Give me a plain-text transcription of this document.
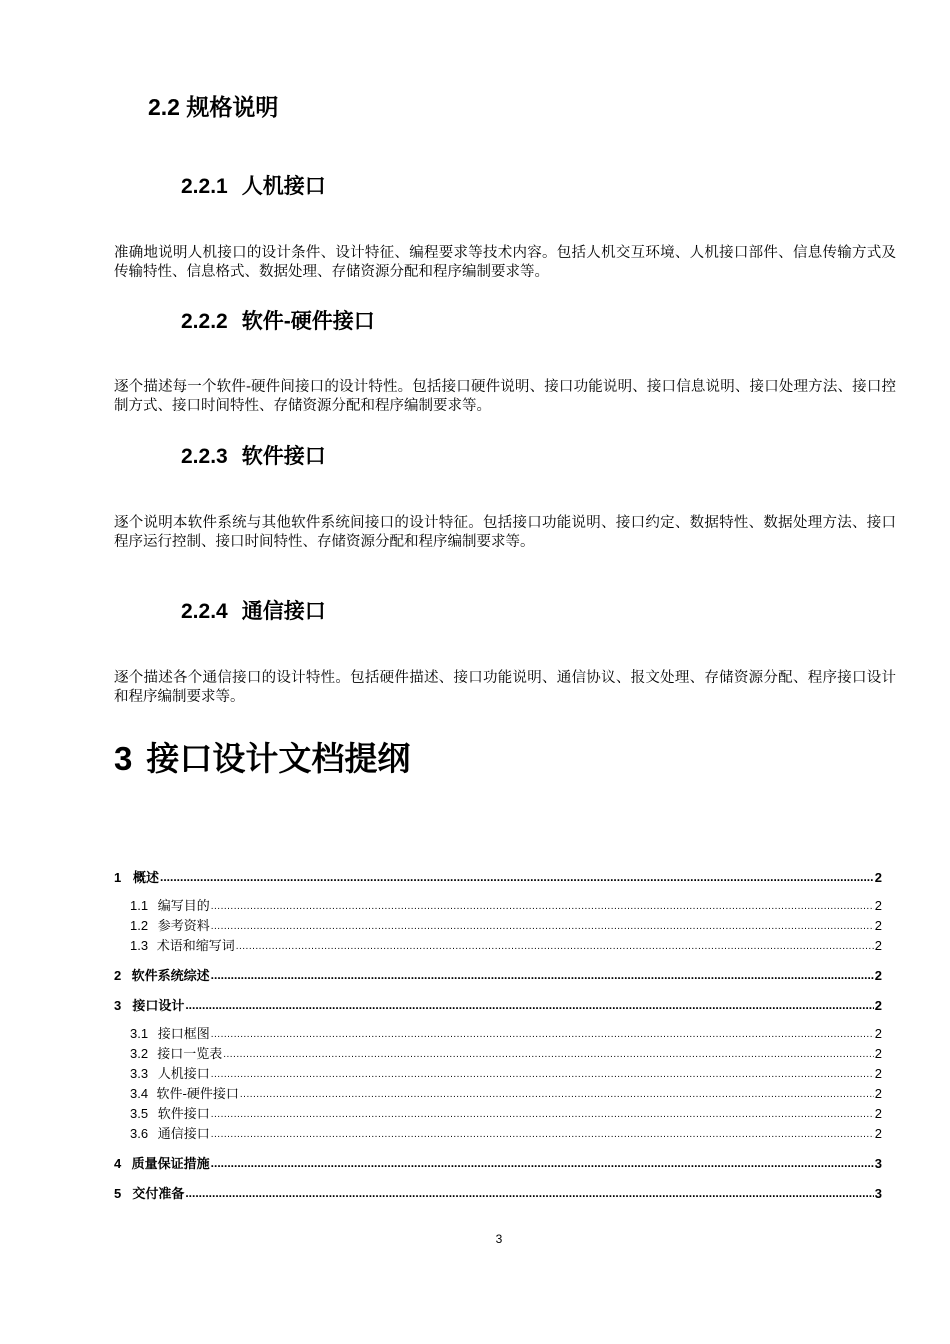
2.2 规格说明
2.2.1 人机接口
准确地说明人机接口的设计条件、设计特征、编程要求等技术内容。包括人机交互环境、人机接口部件、信息传输方式及传输特性、信息格式、数据处理、存储资源分配和程序编制要求等。
2.2.2 软件-硬件接口
逐个描述每一个软件-硬件间接口的设计特性。包括接口硬件说明、接口功能说明、接口信息说明、接口处理方法、接口控制方式、接口时间特性、存储资源分配和程序编制要求等。
2.2.3 软件接口
逐个说明本软件系统与其他软件系统间接口的设计特征。包括接口功能说明、接口约定、数据特性、数据处理方法、接口程序运行控制、接口时间特性、存储资源分配和程序编制要求等。
2.2.4 通信接口
逐个描述各个通信接口的设计特性。包括硬件描述、接口功能说明、通信协议、报文处理、存储资源分配、程序接口设计和程序编制要求等。
3 接口设计文档提纲
1 概述 .....	2
1.1 编写目的 .....	2
1.2 参考资料 .....	2
1.3 术语和缩写词 .....	2
2 软件系统综述 .....	2
3 接口设计 .....	2
3.1 接口框图 .....	2
3.2 接口一览表 .....	2
3.3 人机接口 .....	2
3.4 软件-硬件接口 .....	2
3.5 软件接口 .....	2
3.6 通信接口 .....	2
4 质量保证措施 .....	3
5 交付准备 .....	3
3
